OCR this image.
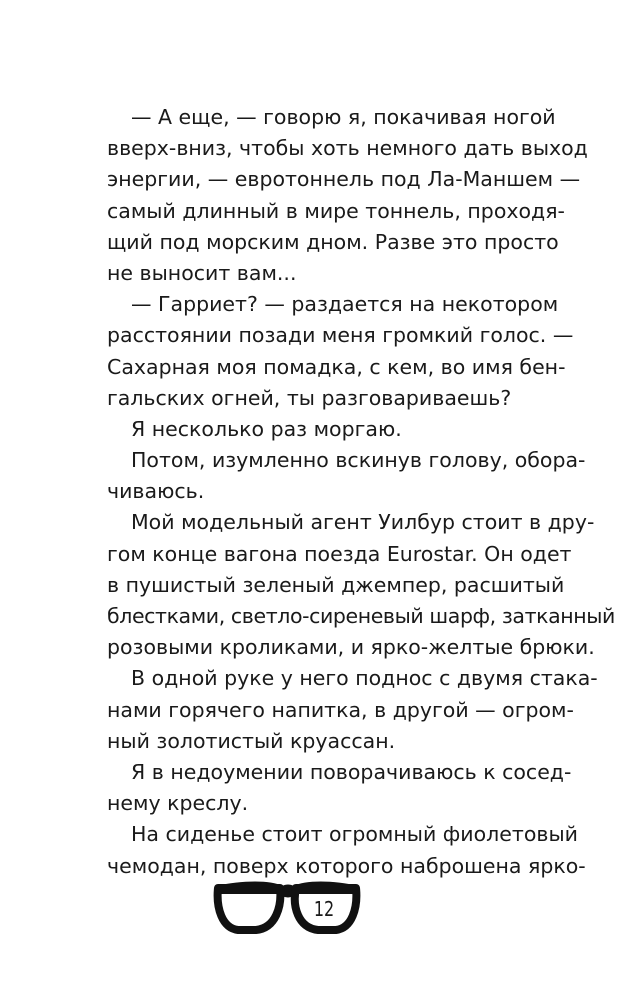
— А еще, — говорю я, покачивая ногой
вверх-вниз, чтобы хоть немного дать выход
энергии, — евротоннель под Ла-Маншем —
самый длинный в мире тоннель, проходя-
щий под морским дном. Разве это просто
не выносит вам...
— Гарриет? — раздается на некотором
расстоянии позади меня громкий голос. —
Сахарная моя помадка, с кем, во имя бен-
гальских огней, ты разговариваешь?
Я несколько раз моргаю.
Потом, изумленно вскинув голову, обора-
чиваюсь.
Мой модельный агент Уилбур стоит в дру-
гом конце вагона поезда Eurostar. Он одет
в пушистый зеленый джемпер, расшитый
блестками, светло-сиреневый шарф, затканный
розовыми кроликами, и ярко-желтые брюки.
В одной руке у него поднос с двумя стака-
нами горячего напитка, в другой — огром-
ный золотистый круассан.
Я в недоумении поворачиваюсь к сосед-
нему креслу.
На сиденье стоит огромный фиолетовый
чемодан, поверх которого наброшена ярко-
12
